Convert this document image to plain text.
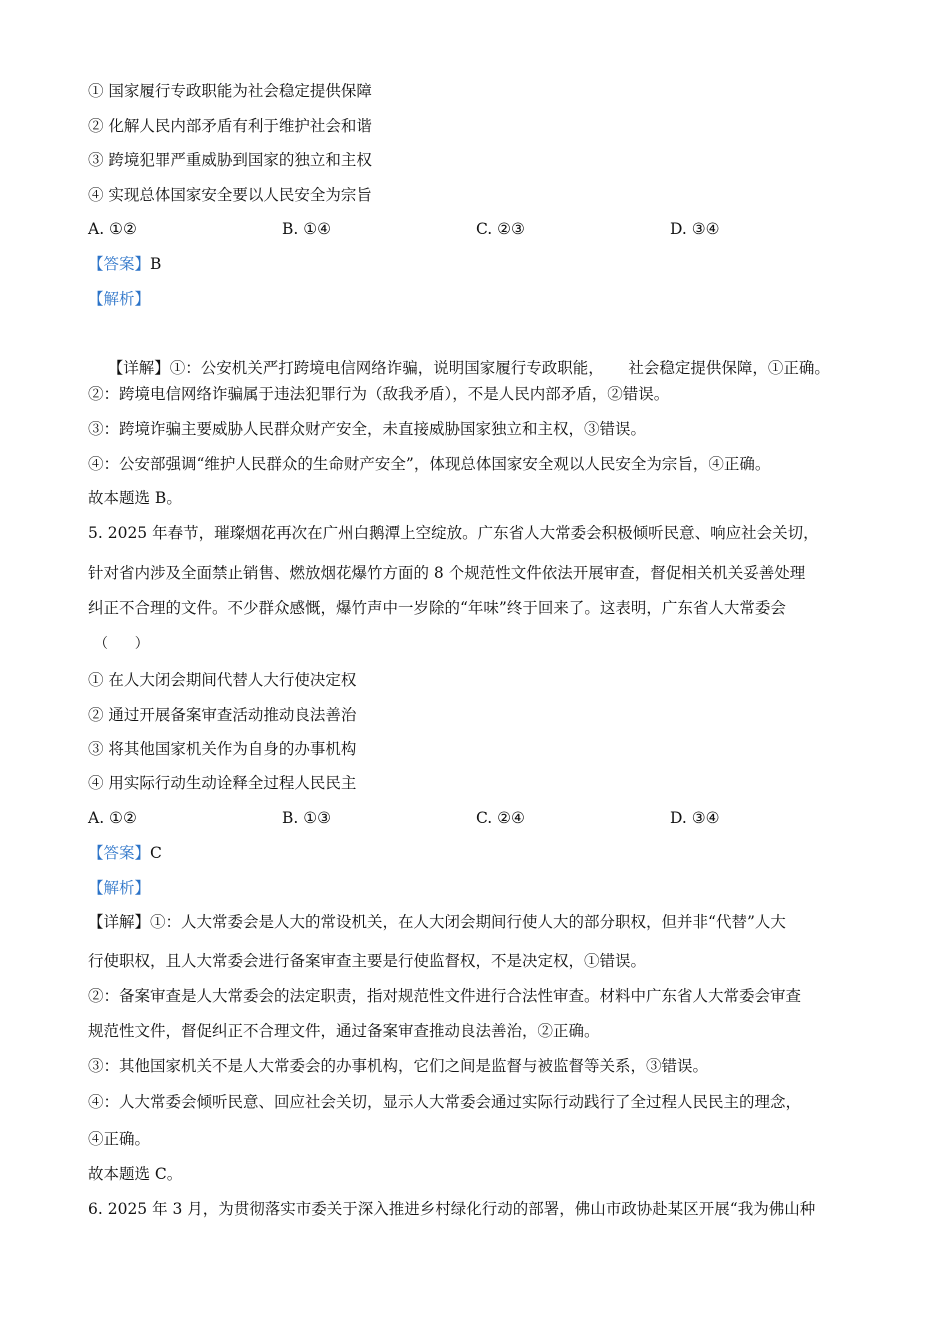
① 国家履行专政职能为社会稳定提供保障
② 化解人民内部矛盾有利于维护社会和谐
③ 跨境犯罪严重威胁到国家的独立和主权
④ 实现总体国家安全要以人民安全为宗旨
A. ①②	B. ①④	C. ②③	D. ③④
【答案】B
【解析】

【详解】①：公安机关严打跨境电信网络诈骗，说明国家履行专政职能，     社会稳定提供保障，①正确。

②：跨境电信网络诈骗属于违法犯罪行为（敌我矛盾），不是人民内部矛盾，②错误。
③：跨境诈骗主要威胁人民群众财产安全，未直接威胁国家独立和主权，③错误。
④：公安部强调“维护人民群众的生命财产安全”，体现总体国家安全观以人民安全为宗旨，④正确。
故本题选 B。
5. 2025 年春节，璀璨烟花再次在广州白鹅潭上空绽放。广东省人大常委会积极倾听民意、响应社会关切，
针对省内涉及全面禁止销售、燃放烟花爆竹方面的 8 个规范性文件依法开展审查，督促相关机关妥善处理
纠正不合理的文件。不少群众感慨，爆竹声中一岁除的“年味”终于回来了。这表明，广东省人大常委会
（      ）
① 在人大闭会期间代替人大行使决定权
② 通过开展备案审查活动推动良法善治
③ 将其他国家机关作为自身的办事机构
④ 用实际行动生动诠释全过程人民民主
A. ①②	B. ①③	C. ②④	D. ③④
【答案】C
【解析】
【详解】①：人大常委会是人大的常设机关，在人大闭会期间行使人大的部分职权，但并非“代替”人大
行使职权，且人大常委会进行备案审查主要是行使监督权，不是决定权，①错误。
②：备案审查是人大常委会的法定职责，指对规范性文件进行合法性审查。材料中广东省人大常委会审查
规范性文件，督促纠正不合理文件，通过备案审查推动良法善治，②正确。
③：其他国家机关不是人大常委会的办事机构，它们之间是监督与被监督等关系，③错误。
④：人大常委会倾听民意、回应社会关切，显示人大常委会通过实际行动践行了全过程人民民主的理念，
④正确。
故本题选 C。
6. 2025 年 3 月，为贯彻落实市委关于深入推进乡村绿化行动的部署，佛山市政协赴某区开展“我为佛山种
